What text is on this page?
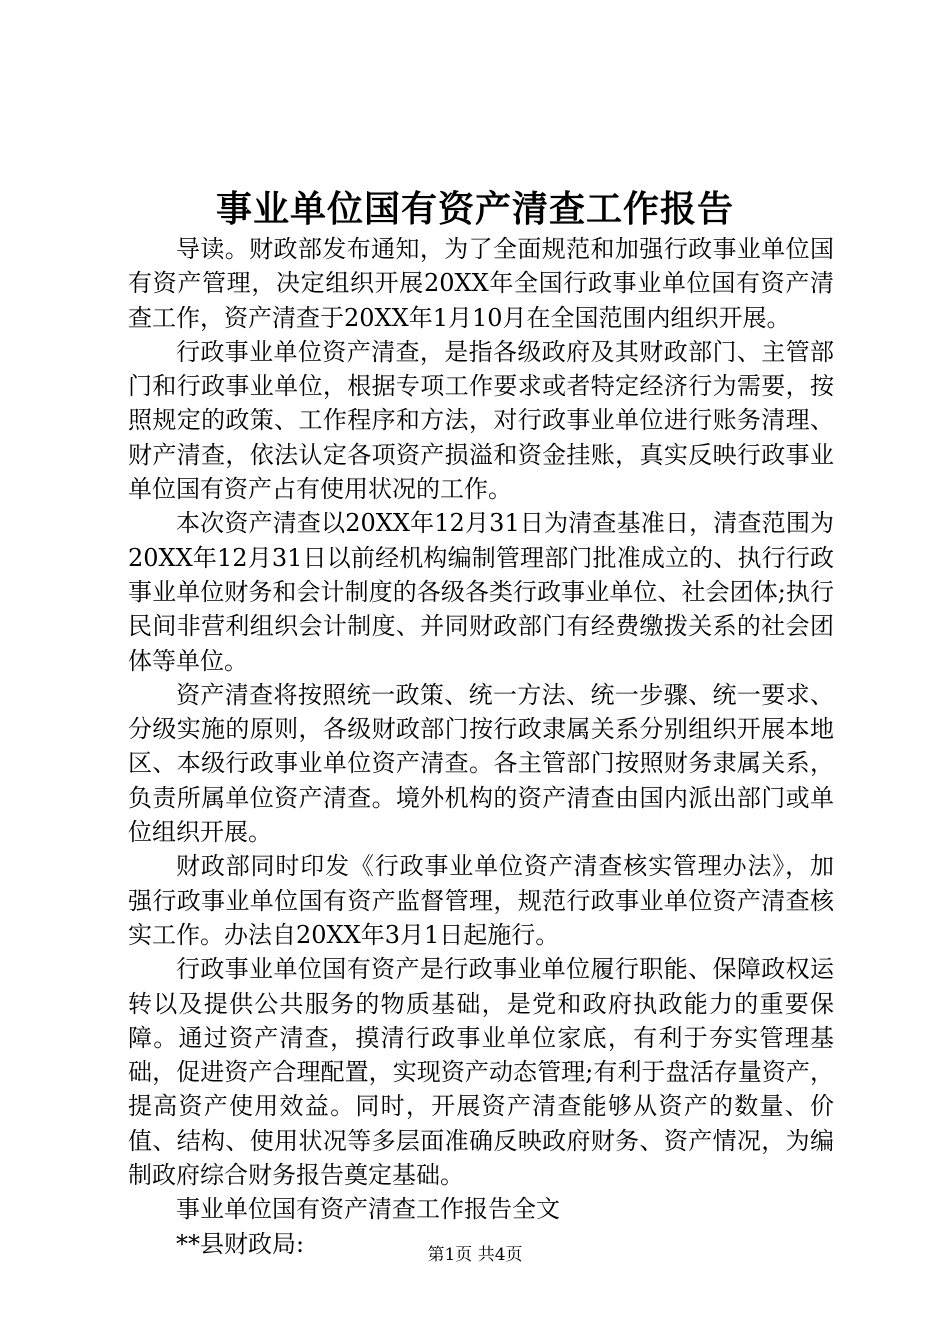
事业单位国有资产清查工作报告

导读。财政部发布通知，为了全面规范和加强行政事业单位国有资产管理，决定组织开展20XX年全国行政事业单位国有资产清查工作，资产清查于20XX年1月10月在全国范围内组织开展。

行政事业单位资产清查，是指各级政府及其财政部门、主管部门和行政事业单位，根据专项工作要求或者特定经济行为需要，按照规定的政策、工作程序和方法，对行政事业单位进行账务清理、财产清查，依法认定各项资产损溢和资金挂账，真实反映行政事业单位国有资产占有使用状况的工作。

本次资产清查以20XX年12月31日为清查基准日，清查范围为20XX年12月31日以前经机构编制管理部门批准成立的、执行行政事业单位财务和会计制度的各级各类行政事业单位、社会团体;执行民间非营利组织会计制度、并同财政部门有经费缴拨关系的社会团体等单位。

资产清查将按照统一政策、统一方法、统一步骤、统一要求、分级实施的原则，各级财政部门按行政隶属关系分别组织开展本地区、本级行政事业单位资产清查。各主管部门按照财务隶属关系，负责所属单位资产清查。境外机构的资产清查由国内派出部门或单位组织开展。

财政部同时印发《行政事业单位资产清查核实管理办法》，加强行政事业单位国有资产监督管理，规范行政事业单位资产清查核实工作。办法自20XX年3月1日起施行。

行政事业单位国有资产是行政事业单位履行职能、保障政权运转以及提供公共服务的物质基础，是党和政府执政能力的重要保障。通过资产清查，摸清行政事业单位家底，有利于夯实管理基础，促进资产合理配置，实现资产动态管理;有利于盘活存量资产，提高资产使用效益。同时，开展资产清查能够从资产的数量、价值、结构、使用状况等多层面准确反映政府财务、资产情况，为编制政府综合财务报告奠定基础。

事业单位国有资产清查工作报告全文

**县财政局:	第1页 共4页
